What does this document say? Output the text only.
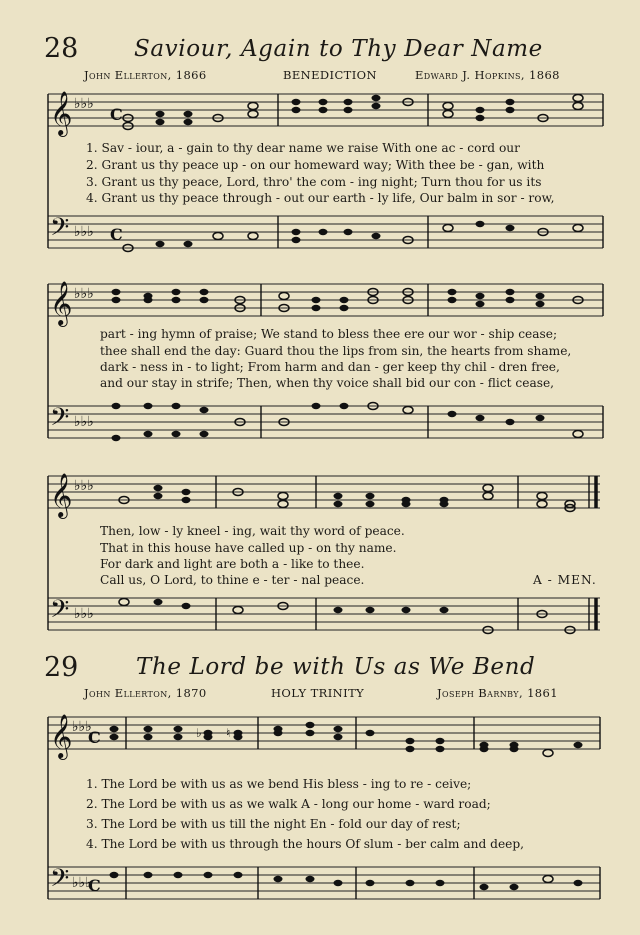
28 Saviour, Again to Thy Dear Name
John Ellerton, 1866	BENEDICTION	Edward J. Hopkins, 1868
𝄞 ♭♭♭
C
𝄢 ♭♭♭ C
1. Sav - iour, a - gain to thy dear name we raise With one ac - cord our
2. Grant us thy peace up - on our homeward way; With thee be - gan, with
3. Grant us thy peace, Lord, thro' the com - ing night; Turn thou for us its
4. Grant us thy peace through - out our earth - ly life, Our balm in sor - row,
𝄞 ♭♭♭
𝄢 ♭♭♭
part - ing hymn of praise; We stand to bless thee ere our wor - ship cease;
thee shall end the day: Guard thou the lips from sin, the hearts from shame,
dark - ness in - to light; From harm and dan - ger keep thy chil - dren free,
and our stay in strife; Then, when thy voice shall bid our con - flict cease,
𝄞 ♭♭♭
𝄢 ♭♭♭
Then, low - ly kneel - ing, wait thy word of peace.
That in this house have called up - on thy name.
For dark and light are both a - like to thee.
Call us, O Lord, to thine e - ter - nal peace.	A - MEN.
29	The Lord be with Us as We Bend
John Ellerton, 1870	HOLY TRINITY	Joseph Barnby, 1861
𝄞 ♭♭♭
C
𝄢 ♭♭♭
C
♭ ♮
1. The Lord be with us as we bend His bless - ing to re - ceive;
2. The Lord be with us as we walk A - long our home - ward road;
3. The Lord be with us till the night En - fold our day of rest;
4. The Lord be with us through the hours Of slum - ber calm and deep,
